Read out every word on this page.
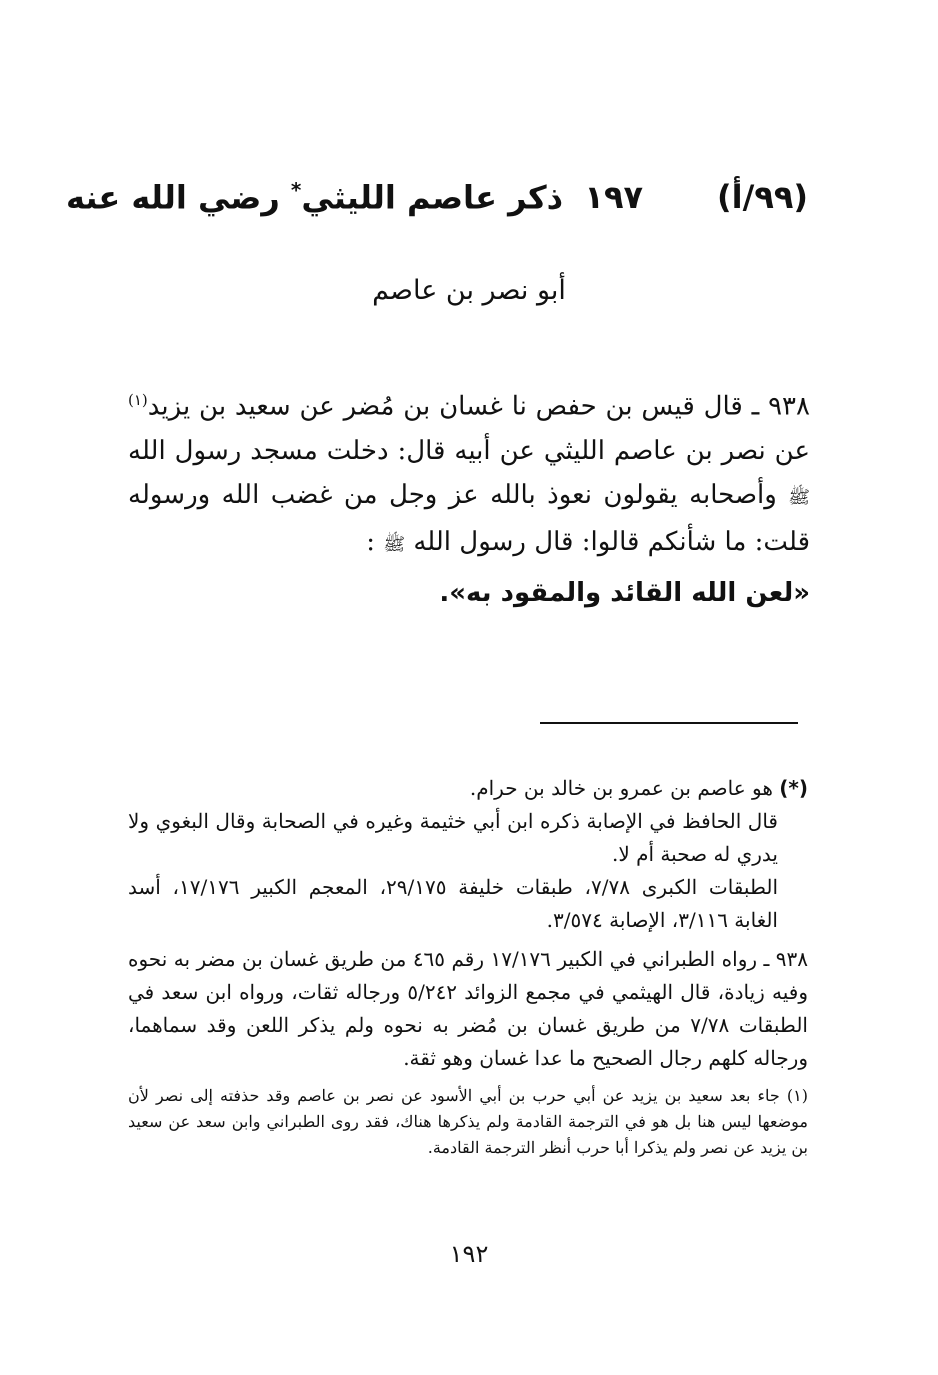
(٩٩/أ)
١٩٧
ذكر عاصم الليثي* رضي الله عنه
أبو نصر بن عاصم

٩٣٨ ـ قال قيس بن حفص نا غسان بن مُضر عن سعيد بن يزيد$^{(١)}$ عن نصر بن عاصم الليثي عن أبيه قال: دخلت مسجد رسول الله ﷺ وأصحابه يقولون نعوذ بالله عز وجل من غضب الله ورسوله قلت: ما شأنكم قالوا: قال رسول الله ﷺ :

«لعن الله القائد والمقود به».

(*) هو عاصم بن عمرو بن خالد بن حرام.
قال الحافظ في الإصابة ذكره ابن أبي خثيمة وغيره في الصحابة وقال البغوي ولا يدري له صحبة أم لا.
الطبقات الكبرى ٧/٧٨، طبقات خليفة ٢٩/١٧٥، المعجم الكبير ١٧/١٧٦، أسد الغابة ٣/١١٦، الإصابة ٣/٥٧٤.
٩٣٨ ـ رواه الطبراني في الكبير ١٧/١٧٦ رقم ٤٦٥ من طريق غسان بن مضر به نحوه وفيه زيادة، قال الهيثمي في مجمع الزوائد ٥/٢٤٢ ورجاله ثقات، ورواه ابن سعد في الطبقات ٧/٧٨ من طريق غسان بن مُضر به نحوه ولم يذكر اللعن وقد سماهما، ورجاله كلهم رجال الصحيح ما عدا غسان وهو ثقة.
(١) جاء بعد سعيد بن يزيد عن أبي حرب بن أبي الأسود عن نصر بن عاصم وقد حذفته إلى نصر لأن موضعها ليس هنا بل هو في الترجمة القادمة ولم يذكرها هناك، فقد روى الطبراني وابن سعد عن سعيد بن يزيد عن نصر ولم يذكرا أبا حرب أنظر الترجمة القادمة.
١٩٢
